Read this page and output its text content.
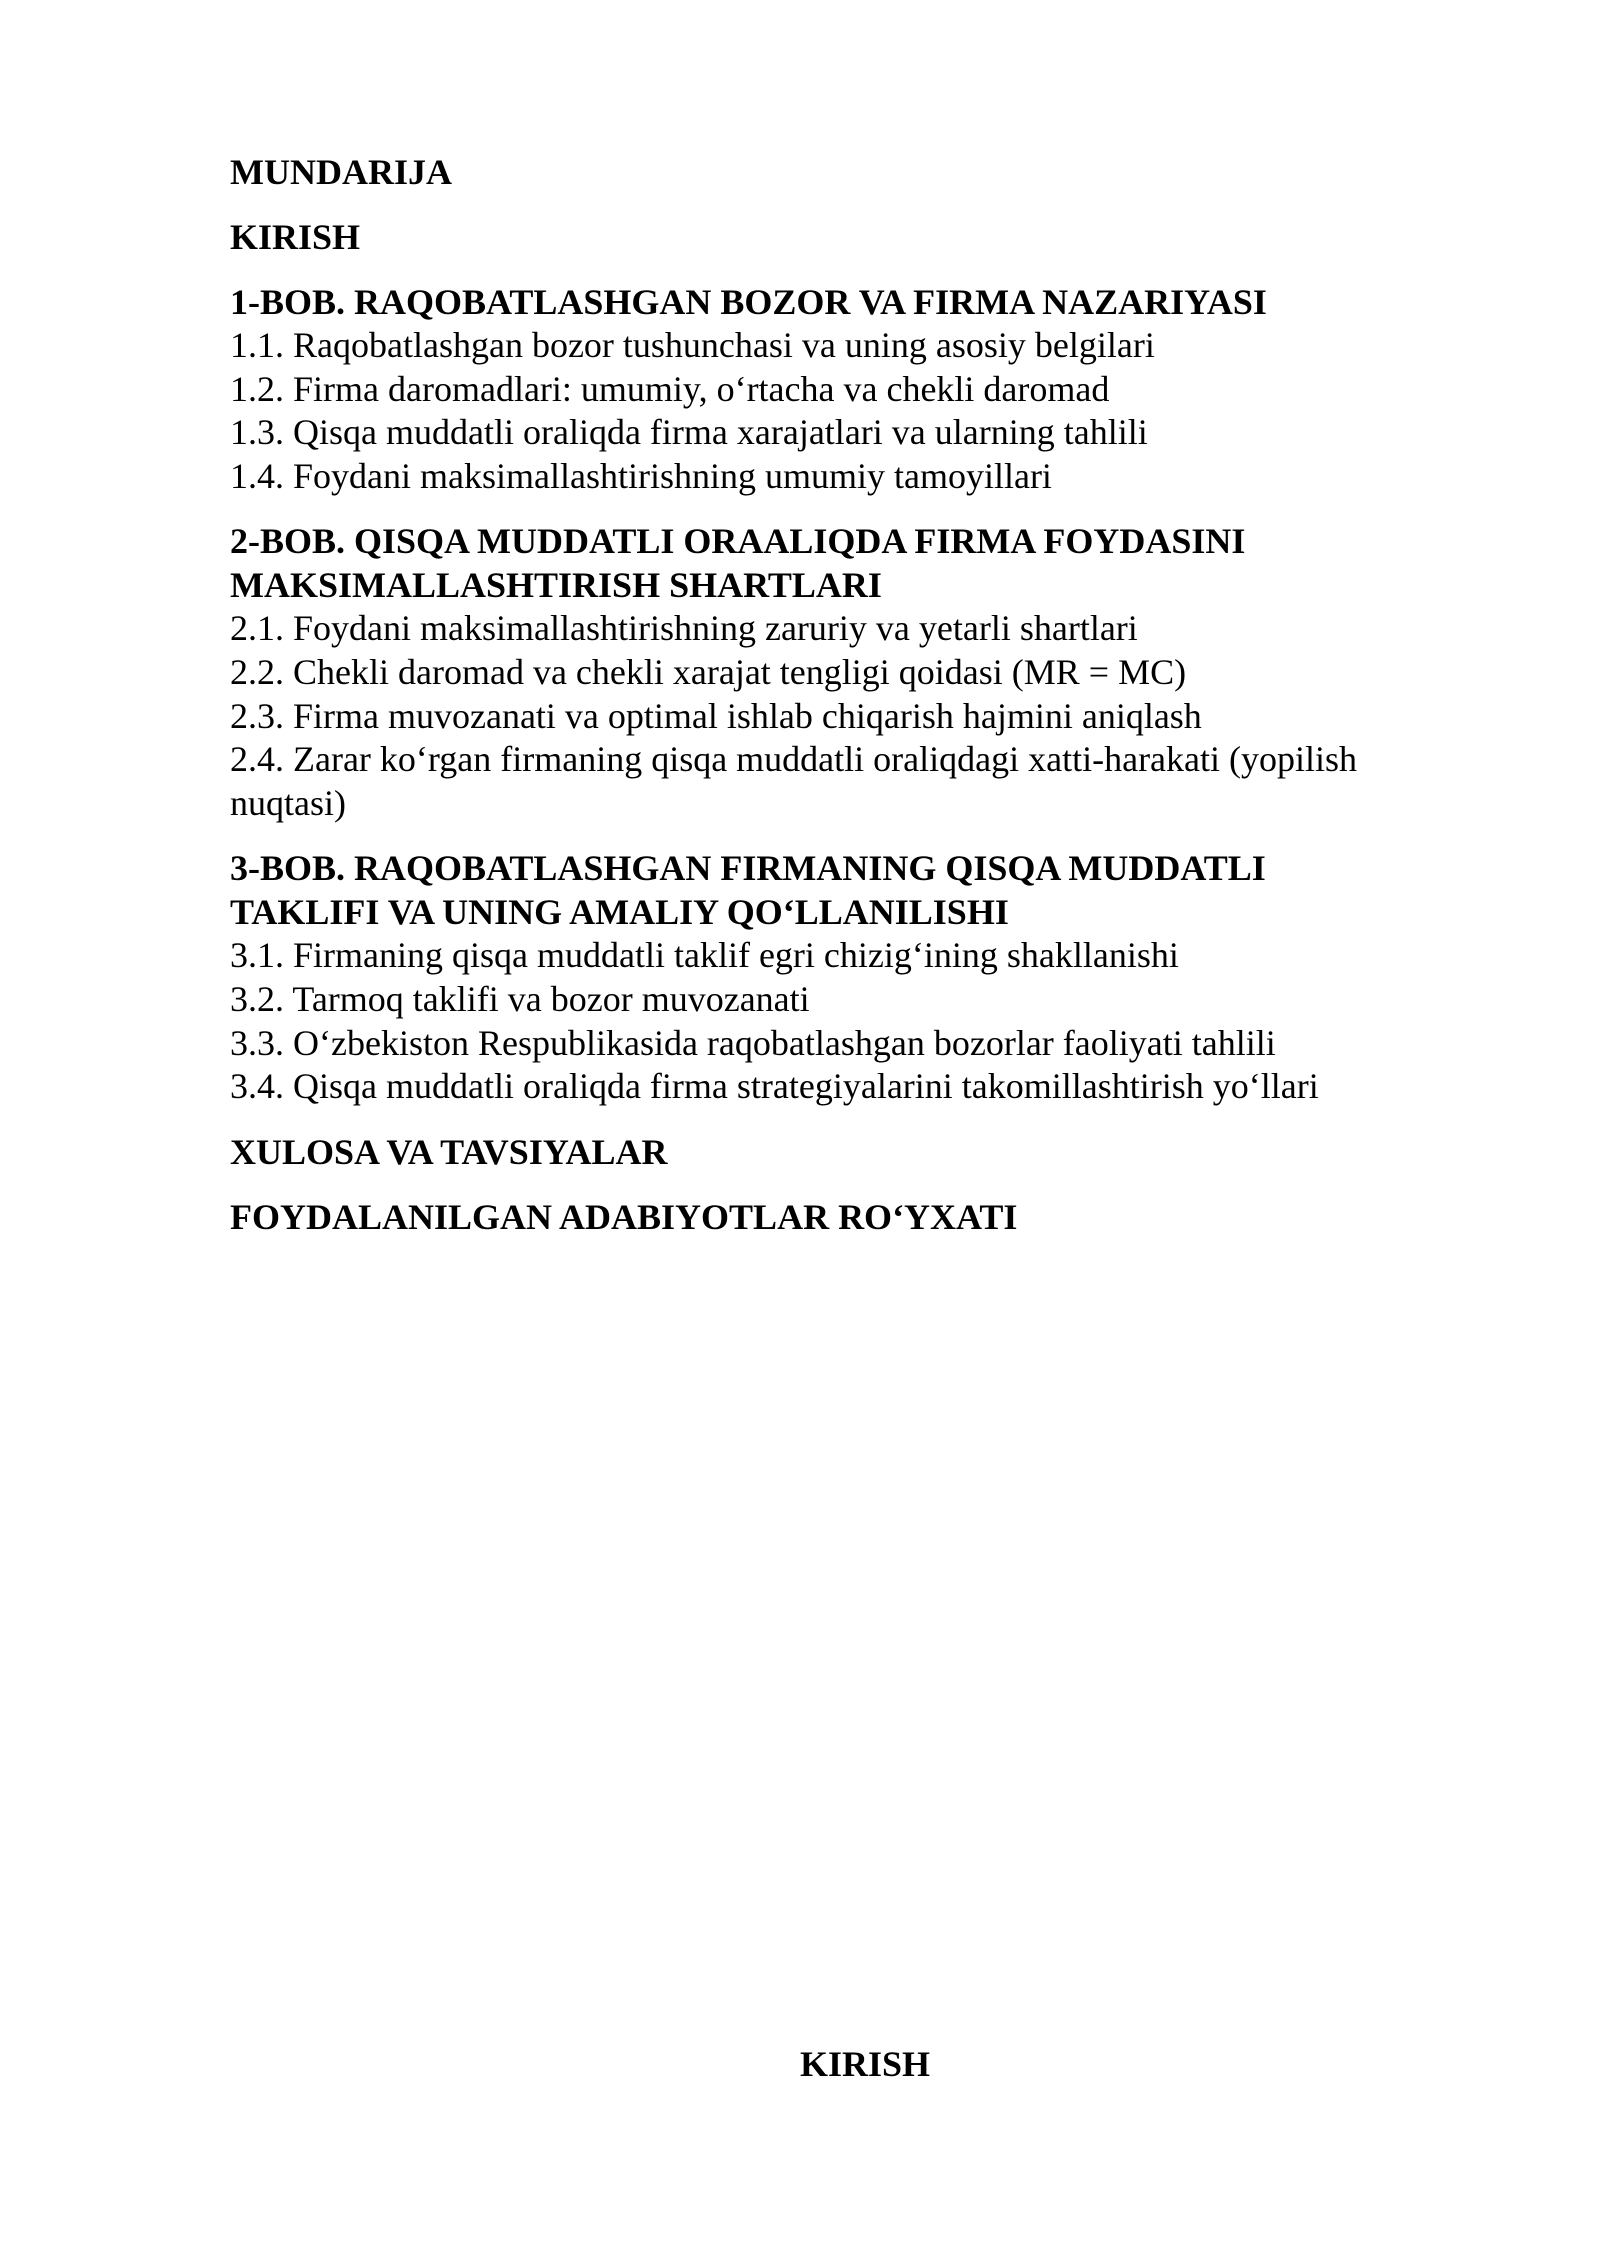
MUNDARIJA

KIRISH

1-BOB. RAQOBATLASHGAN BOZOR VA FIRMA NAZARIYASI

1.1. Raqobatlashgan bozor tushunchasi va uning asosiy belgilari

1.2. Firma daromadlari: umumiy, o‘rtacha va chekli daromad

1.3. Qisqa muddatli oraliqda firma xarajatlari va ularning tahlili

1.4. Foydani maksimallashtirishning umumiy tamoyillari

2-BOB. QISQA MUDDATLI ORAALIQDA FIRMA FOYDASINI

MAKSIMALLASHTIRISH SHARTLARI

2.1. Foydani maksimallashtirishning zaruriy va yetarli shartlari

2.2. Chekli daromad va chekli xarajat tengligi qoidasi (MR = MC)

2.3. Firma muvozanati va optimal ishlab chiqarish hajmini aniqlash

2.4. Zarar ko‘rgan firmaning qisqa muddatli oraliqdagi xatti-harakati (yopilish

nuqtasi)

3-BOB. RAQOBATLASHGAN FIRMANING QISQA MUDDATLI

TAKLIFI VA UNING AMALIY QO‘LLANILISHI

3.1. Firmaning qisqa muddatli taklif egri chizig‘ining shakllanishi

3.2. Tarmoq taklifi va bozor muvozanati

3.3. O‘zbekiston Respublikasida raqobatlashgan bozorlar faoliyati tahlili

3.4. Qisqa muddatli oraliqda firma strategiyalarini takomillashtirish yo‘llari

XULOSA VA TAVSIYALAR

FOYDALANILGAN ADABIYOTLAR RO‘YXATI

KIRISH
